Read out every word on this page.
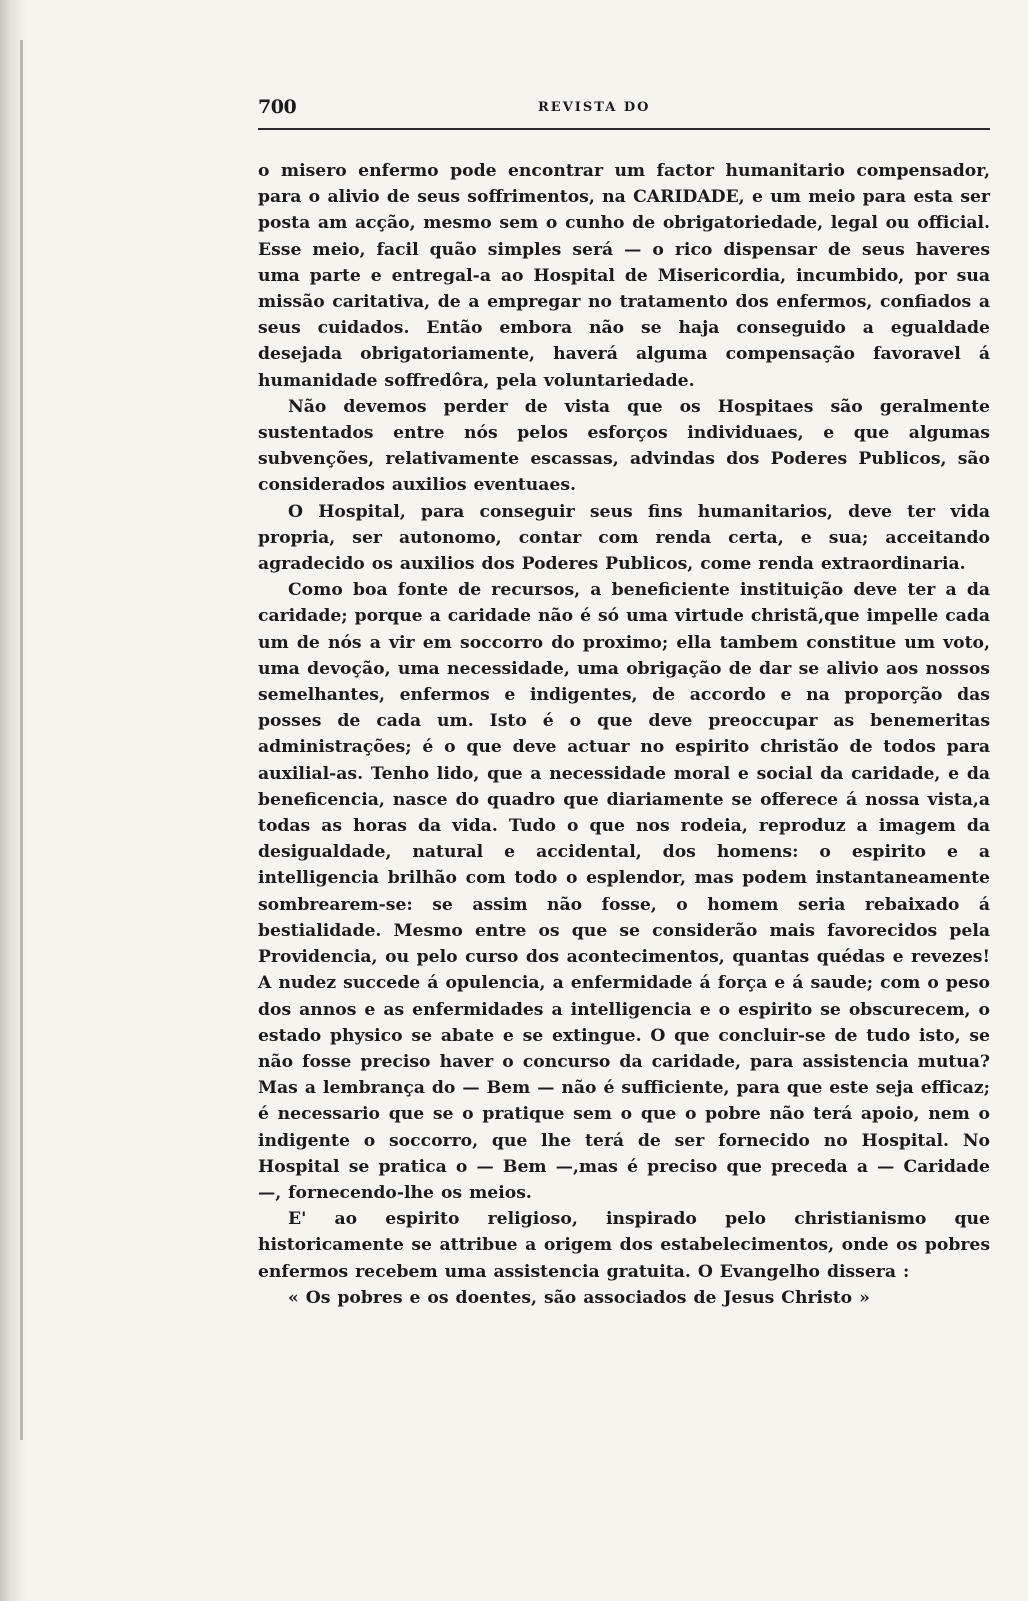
700	REVISTA DO

o misero enfermo pode encontrar um factor humanitario compensador, para o alivio de seus soffrimentos, na CARIDADE, e um meio para esta ser posta am acção, mesmo sem o cunho de obrigatoriedade, legal ou official. Esse meio, facil quão simples será — o rico dispensar de seus haveres uma parte e entregal-a ao Hospital de Misericordia, incumbido, por sua missão caritativa, de a empregar no tratamento dos enfermos, confiados a seus cuidados. Então embora não se haja conseguido a egualdade desejada obrigatoriamente, haverá alguma compensação favoravel á humanidade soffredôra, pela voluntariedade.

Não devemos perder de vista que os Hospitaes são geralmente sustentados entre nós pelos esforços individuaes, e que algumas subvenções, relativamente escassas, advindas dos Poderes Publicos, são considerados auxilios eventuaes.

O Hospital, para conseguir seus fins humanitarios, deve ter vida propria, ser autonomo, contar com renda certa, e sua; acceitando agradecido os auxilios dos Poderes Publicos, come renda extraordinaria.

Como boa fonte de recursos, a beneficiente instituição deve ter a da caridade; porque a caridade não é só uma virtude christã,que impelle cada um de nós a vir em soccorro do proximo; ella tambem constitue um voto, uma devoção, uma necessidade, uma obrigação de dar se alivio aos nossos semelhantes, enfermos e indigentes, de accordo e na proporção das posses de cada um. Isto é o que deve preoccupar as benemeritas administrações; é o que deve actuar no espirito christão de todos para auxilial-as. Tenho lido, que a necessidade moral e social da caridade, e da beneficencia, nasce do quadro que diariamente se offerece á nossa vista,a todas as horas da vida. Tudo o que nos rodeia, reproduz a imagem da desigualdade, natural e accidental, dos homens: o espirito e a intelligencia brilhão com todo o esplendor, mas podem instantaneamente sombrearem-se: se assim não fosse, o homem seria rebaixado á bestialidade. Mesmo entre os que se considerão mais favorecidos pela Providencia, ou pelo curso dos acontecimentos, quantas quédas e revezes! A nudez succede á opulencia, a enfermidade á força e á saude; com o peso dos annos e as enfermidades a intelligencia e o espirito se obscurecem, o estado physico se abate e se extingue. O que concluir-se de tudo isto, se não fosse preciso haver o concurso da caridade, para assistencia mutua? Mas a lembrança do — Bem — não é sufficiente, para que este seja efficaz; é necessario que se o pratique sem o que o pobre não terá apoio, nem o indigente o soccorro, que lhe terá de ser fornecido no Hospital. No Hospital se pratica o — Bem —,mas é preciso que preceda a — Caridade —, fornecendo-lhe os meios.

E' ao espirito religioso, inspirado pelo christianismo que historicamente se attribue a origem dos estabelecimentos, onde os pobres enfermos recebem uma assistencia gratuita. O Evangelho dissera :

« Os pobres e os doentes, são associados de Jesus Christo »
